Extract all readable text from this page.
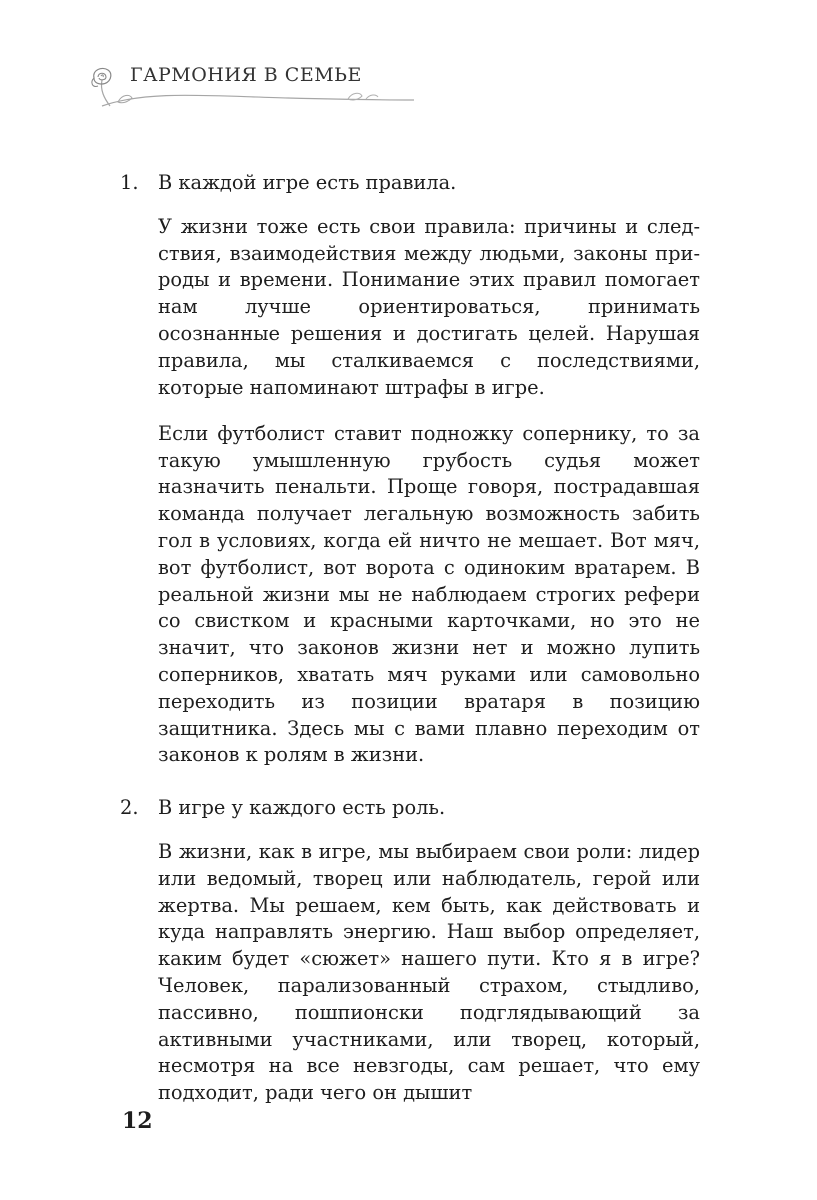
ГАРМОНИЯ В СЕМЬЕ
1.	В каждой игре есть правила.

У жизни тоже есть свои правила: причины и следствия, взаимодействия между людьми, законы природы и времени. Понимание этих правил помогает нам лучше ориентироваться, принимать осознанные решения и достигать целей. Нарушая правила, мы сталкиваемся с последствиями, которые напоминают штрафы в игре.

Если футболист ставит подножку сопернику, то за такую умышленную грубость судья может назначить пенальти. Проще говоря, пострадавшая команда получает легальную возможность забить гол в условиях, когда ей ничто не мешает. Вот мяч, вот футболист, вот ворота с одиноким вратарем. В реальной жизни мы не наблюдаем строгих рефери со свистком и красными карточками, но это не значит, что законов жизни нет и можно лупить соперников, хватать мяч руками или самовольно переходить из позиции вратаря в позицию защитника. Здесь мы с вами плавно переходим от законов к ролям в жизни.

2.	В игре у каждого есть роль.

В жизни, как в игре, мы выбираем свои роли: лидер или ведомый, творец или наблюдатель, герой или жертва. Мы решаем, кем быть, как действовать и куда направлять энергию. Наш выбор определяет, каким будет «сюжет» нашего пути. Кто я в игре? Человек, парализованный страхом, стыдливо, пассивно, пошпионски подглядывающий за активными участниками, или творец, который, несмотря на все невзгоды, сам решает, что ему подходит, ради чего он дышит

12
